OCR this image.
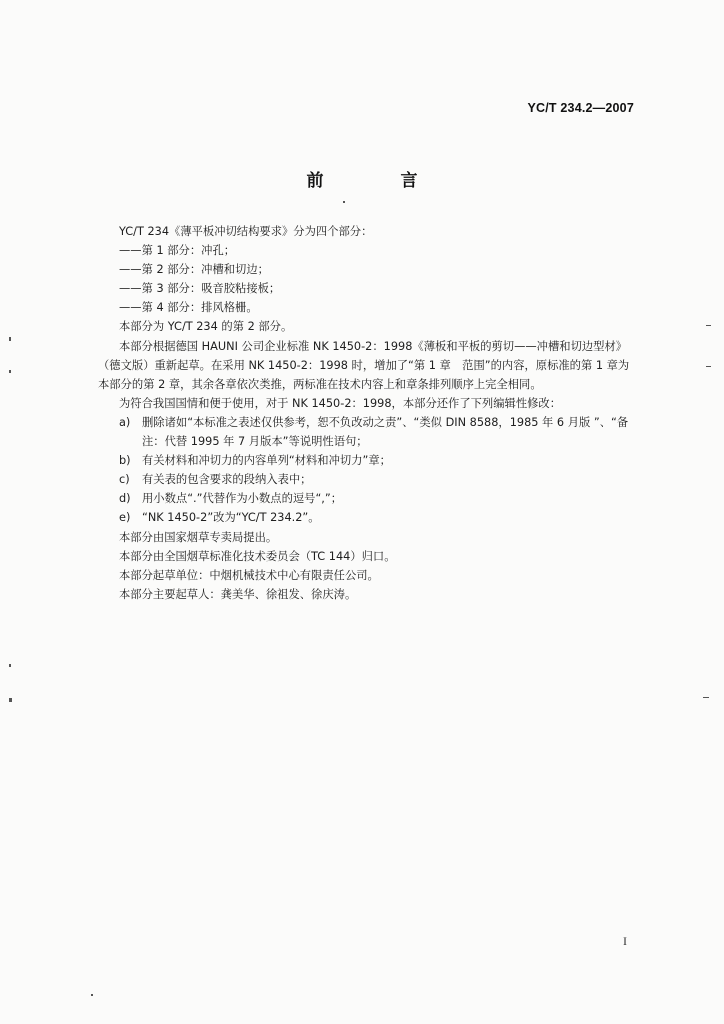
YC/T 234.2—2007
前　言

YC/T 234《薄平板冲切结构要求》分为四个部分：

——第 1 部分：冲孔；

——第 2 部分：冲槽和切边；

——第 3 部分：吸音胶粘接板；

——第 4 部分：排风格栅。

本部分为 YC/T 234 的第 2 部分。

本部分根据德国 HAUNI 公司企业标准 NK 1450-2：1998《薄板和平板的剪切——冲槽和切边型材》（德文版）重新起草。在采用 NK 1450-2：1998 时，增加了“第 1 章　范围”的内容，原标准的第 1 章为本部分的第 2 章，其余各章依次类推，两标准在技术内容上和章条排列顺序上完全相同。

为符合我国国情和便于使用，对于 NK 1450-2：1998，本部分还作了下列编辑性修改：

a) 删除诸如“本标准之表述仅供参考，恕不负改动之责”、“类似 DIN 8588，1985 年 6 月版 ”、“备注：代替 1995 年 7 月版本”等说明性语句；
b) 有关材料和冲切力的内容单列“材料和冲切力”章；
c) 有关表的包含要求的段纳入表中；
d) 用小数点“.”代替作为小数点的逗号“,”；
e) “NK 1450-2”改为“YC/T 234.2”。

本部分由国家烟草专卖局提出。

本部分由全国烟草标准化技术委员会（TC 144）归口。

本部分起草单位：中烟机械技术中心有限责任公司。

本部分主要起草人：龚美华、徐祖发、徐庆涛。

I
